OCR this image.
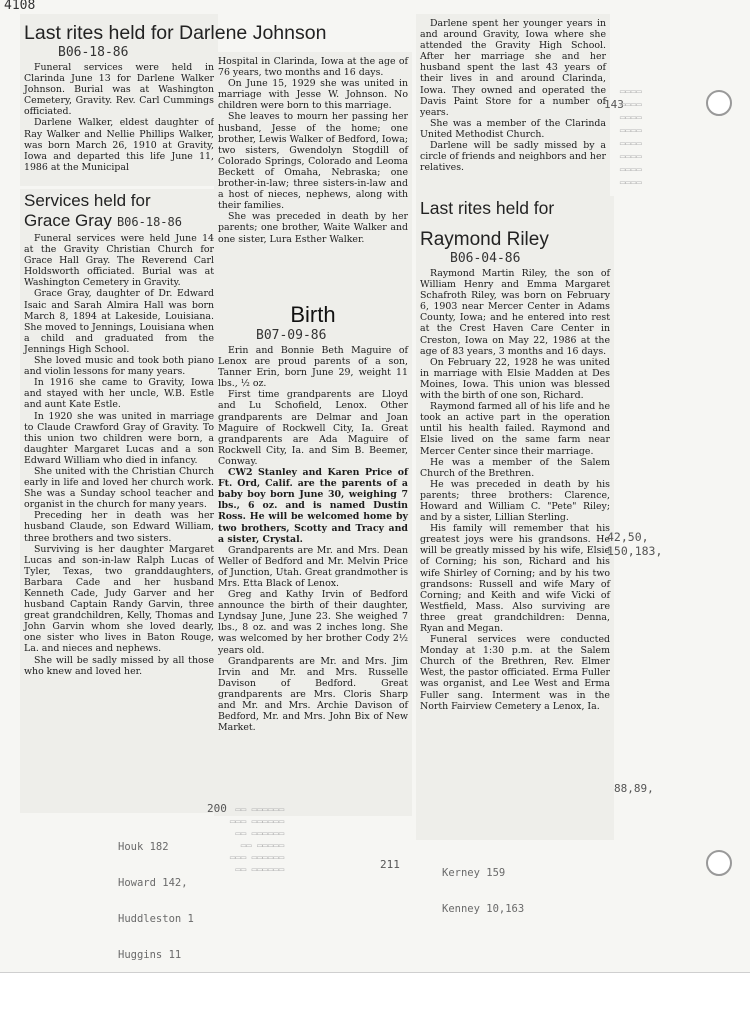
4108
Last rites held for Darlene Johnson
B06-18-86

Funeral services were held in Clarinda June 13 for Darlene Walker Johnson. Burial was at Washington Cemetery, Gravity. Rev. Carl Cummings officiated.

Darlene Walker, eldest daughter of Ray Walker and Nellie Phillips Walker, was born March 26, 1910 at Gravity, Iowa and departed this life June 11, 1986 at the Municipal

Hospital in Clarinda, Iowa at the age of 76 years, two months and 16 days.

On June 15, 1929 she was united in marriage with Jesse W. Johnson. No children were born to this marriage.

She leaves to mourn her passing her husband, Jesse of the home; one brother, Lewis Walker of Bedford, Iowa; two sisters, Gwendolyn Stogdill of Colorado Springs, Colorado and Leoma Beckett of Omaha, Nebraska; one brother-in-law; three sisters-in-law and a host of nieces, nephews, along with their families.

She was preceded in death by her parents; one brother, Waite Walker and one sister, Lura Esther Walker.

Darlene spent her younger years in and around Gravity, Iowa where she attended the Gravity High School. After her marriage she and her husband spent the last 43 years of their lives in and around Clarinda, Iowa. They owned and operated the Davis Paint Store for a number of years.

She was a member of the Clarinda United Methodist Church.

Darlene will be sadly missed by a circle of friends and neighbors and her relatives.

Services held for
Grace Gray B06-18-86

Funeral services were held June 14 at the Gravity Christian Church for Grace Hall Gray. The Reverend Carl Holdsworth officiated. Burial was at Washington Cemetery in Gravity.

Grace Gray, daughter of Dr. Edward Isaic and Sarah Almira Hall was born March 8, 1894 at Lakeside, Louisiana. She moved to Jennings, Louisiana when a child and graduated from the Jennings High School.

She loved music and took both piano and violin lessons for many years.

In 1916 she came to Gravity, Iowa and stayed with her uncle, W.B. Estle and aunt Kate Estle.

In 1920 she was united in marriage to Claude Crawford Gray of Gravity. To this union two children were born, a daughter Margaret Lucas and a son Edward William who died in infancy.

She united with the Christian Church early in life and loved her church work. She was a Sunday school teacher and organist in the church for many years.

Preceding her in death was her husband Claude, son Edward William, three brothers and two sisters.

Surviving is her daughter Margaret Lucas and son-in-law Ralph Lucas of Tyler, Texas, two granddaughters, Barbara Cade and her husband Kenneth Cade, Judy Garver and her husband Captain Randy Garvin, three great grandchildren, Kelly, Thomas and John Garvin whom she loved dearly, one sister who lives in Baton Rouge, La. and nieces and nephews.

She will be sadly missed by all those who knew and loved her.

Birth
B07-09-86

Erin and Bonnie Beth Maguire of Lenox are proud parents of a son, Tanner Erin, born June 29, weight 11 lbs., ½ oz.

First time grandparents are Lloyd and Lu Schofield, Lenox. Other grandparents are Delmar and Joan Maguire of Rockwell City, Ia. Great grandparents are Ada Maguire of Rockwell City, Ia. and Sim B. Beemer, Conway.

CW2 Stanley and Karen Price of Ft. Ord, Calif. are the parents of a baby boy born June 30, weighing 7 lbs., 6 oz. and is named Dustin Ross. He will be welcomed home by two brothers, Scotty and Tracy and a sister, Crystal.

Grandparents are Mr. and Mrs. Dean Weller of Bedford and Mr. Melvin Price of Junction, Utah. Great grandmother is Mrs. Etta Black of Lenox.

Greg and Kathy Irvin of Bedford announce the birth of their daughter, Lyndsay June, June 23. She weighed 7 lbs., 8 oz. and was 2 inches long. She was welcomed by her brother Cody 2½ years old.

Grandparents are Mr. and Mrs. Jim Irvin and Mr. and Mrs. Russelle Davison of Bedford. Great grandparents are Mrs. Cloris Sharp and Mr. and Mrs. Archie Davison of Bedford, Mr. and Mrs. John Bix of New Market.

Last rites held for
Raymond Riley
B06-04-86

Raymond Martin Riley, the son of William Henry and Emma Margaret Schafroth Riley, was born on February 6, 1903 near Mercer Center in Adams County, Iowa; and he entered into rest at the Crest Haven Care Center in Creston, Iowa on May 22, 1986 at the age of 83 years, 3 months and 16 days.

On February 22, 1928 he was united in marriage with Elsie Madden at Des Moines, Iowa. This union was blessed with the birth of one son, Richard.

Raymond farmed all of his life and he took an active part in the operation until his health failed. Raymond and Elsie lived on the same farm near Mercer Center since their marriage.

He was a member of the Salem Church of the Brethren.

He was preceded in death by his parents; three brothers: Clarence, Howard and William C. "Pete" Riley; and by a sister, Lillian Sterling.

His family will remember that his greatest joys were his grandsons. He will be greatly missed by his wife, Elsie of Corning; his son, Richard and his wife Shirley of Corning; and by his two grandsons: Russell and wife Mary of Corning; and Keith and wife Vicki of Westfield, Mass. Also surviving are three great grandchildren: Denna, Ryan and Megan.

Funeral services were conducted Monday at 1:30 p.m. at the Salem Church of the Brethren, Rev. Elmer West, the pastor officiated. Erma Fuller was organist, and Lee West and Erma Fuller sang. Interment was in the North Fairview Cemetery a Lenox, Ia.

143
42,50, 150,183,
88,89,
200
211

Houk 182

Howard 142,

Huddleston 1

Huggins 11

Kerney 159

Kenney 10,163

▭▭▭▭▭▭ ▭▭
▭▭▭▭▭▭ ▭▭▭
▭▭▭▭▭▭ ▭▭
▭▭▭▭▭ ▭▭
▭▭▭▭▭▭ ▭▭▭
▭▭▭▭▭▭ ▭▭

▭▭▭▭
▭▭▭▭
▭▭▭▭
▭▭▭▭
▭▭▭▭
▭▭▭▭
▭▭▭▭
▭▭▭▭
